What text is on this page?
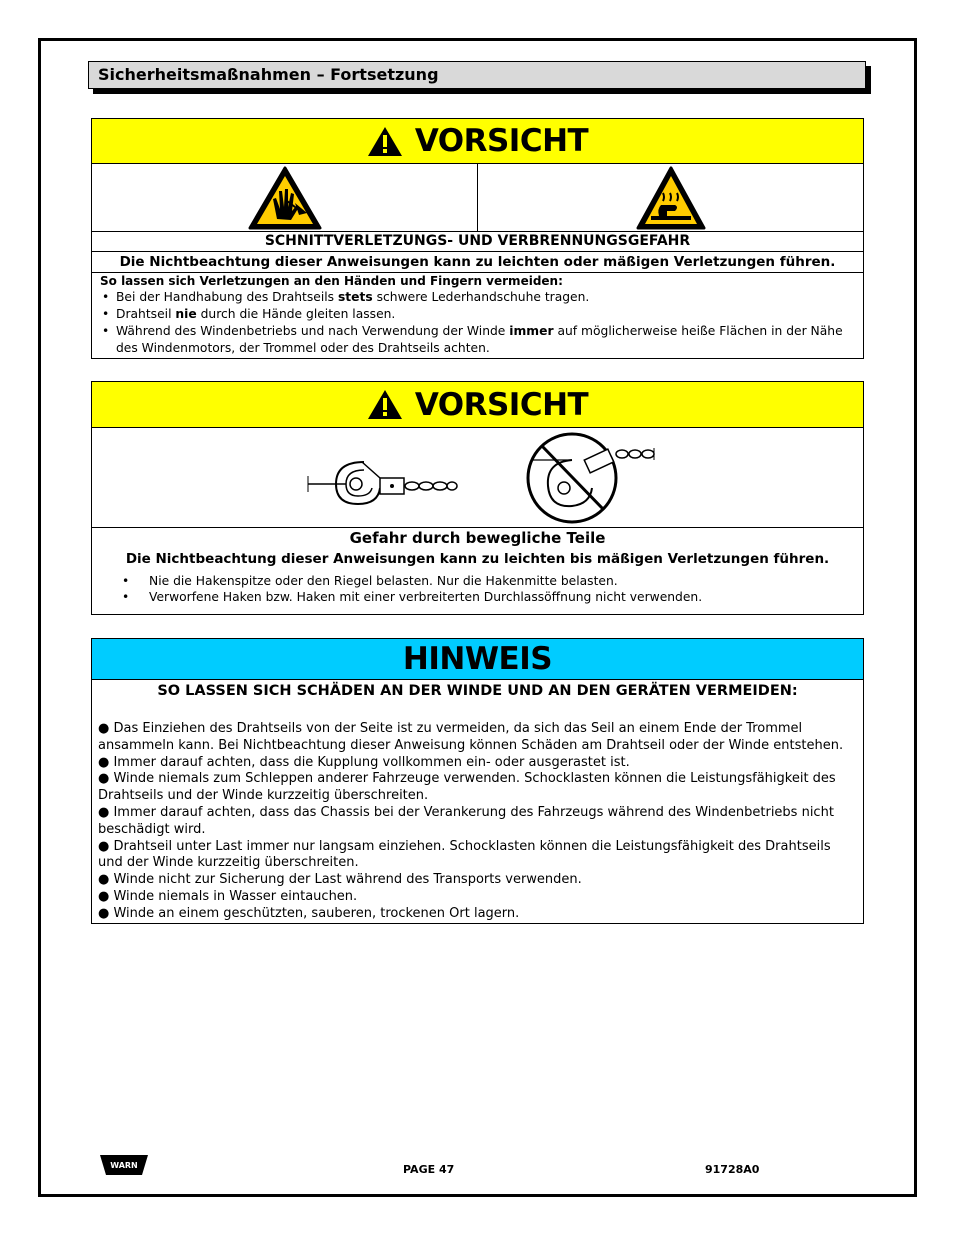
Sicherheitsmaßnahmen – Fortsetzung
VORSICHT
SCHNITTVERLETZUNGS- UND VERBRENNUNGSGEFAHR
Die Nichtbeachtung dieser Anweisungen kann zu leichten oder mäßigen Verletzungen führen.
So lassen sich Verletzungen an den Händen und Fingern vermeiden:
• Bei der Handhabung des Drahtseils stets schwere Lederhandschuhe tragen.
• Drahtseil nie durch die Hände gleiten lassen.
• Während des Windenbetriebs und nach Verwendung der Winde immer auf möglicherweise heiße Flächen in der Nähe des Windenmotors, der Trommel oder des Drahtseils achten.
VORSICHT
Gefahr durch bewegliche Teile
Die Nichtbeachtung dieser Anweisungen kann zu leichten bis mäßigen Verletzungen führen.
• Nie die Hakenspitze oder den Riegel belasten. Nur die Hakenmitte belasten.
• Verworfene Haken bzw. Haken mit einer verbreiterten Durchlassöffnung nicht verwenden.
HINWEIS
SO LASSEN SICH SCHÄDEN AN DER WINDE UND AN DEN GERÄTEN VERMEIDEN:
● Das Einziehen des Drahtseils von der Seite ist zu vermeiden, da sich das Seil an einem Ende der Trommel ansammeln kann. Bei Nichtbeachtung dieser Anweisung können Schäden am Drahtseil oder der Winde entstehen.
● Immer darauf achten, dass die Kupplung vollkommen ein- oder ausgerastet ist.
● Winde niemals zum Schleppen anderer Fahrzeuge verwenden. Schocklasten können die Leistungsfähigkeit des Drahtseils und der Winde kurzzeitig überschreiten.
● Immer darauf achten, dass das Chassis bei der Verankerung des Fahrzeugs während des Windenbetriebs nicht beschädigt wird.
● Drahtseil unter Last immer nur langsam einziehen. Schocklasten können die Leistungsfähigkeit des Drahtseils und der Winde kurzzeitig überschreiten.
● Winde nicht zur Sicherung der Last während des Transports verwenden.
● Winde niemals in Wasser eintauchen.
● Winde an einem geschützten, sauberen, trockenen Ort lagern.
WARN	PAGE 47	91728A0
